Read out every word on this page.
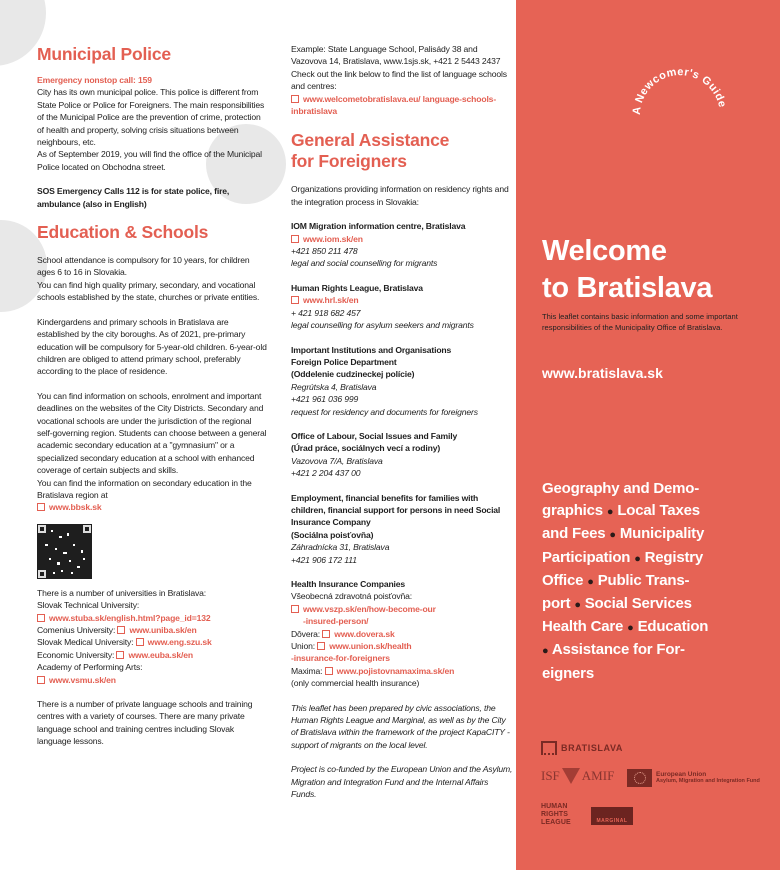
Municipal Police

Emergency nonstop call: 159

City has its own municipal police. This police is different from State Police or Police for Foreigners. The main responsibilities of the Municipal Police are the prevention of crime, protection of health and property, solving crisis situations between neighbours, etc.

As of September 2019, you will find the office of the Municipal Police located on Obchodna street.

SOS Emergency Calls 112 is for state police, fire, ambulance (also in English)

Education & Schools

School attendance is compulsory for 10 years, for children ages 6 to 16 in Slovakia.

You can find high quality primary, secondary, and vocational schools established by the state, churches or private entities.

Kindergardens and primary schools in Bratislava are established by the city boroughs. As of 2021, pre-primary education will be compulsory for 5-year-old children. 6-year-old children are obliged to attend primary school, preferably according to the place of residence.

You can find information on schools, enrolment and important deadlines on the websites of the City Districts. Secondary and vocational schools are under the jurisdiction of the regional self-governing region. Students can choose between a general academic secondary education at a "gymnasium" or a specialized secondary education at a school with enhanced coverage of certain subjects and skills.

You can find the information on secondary education in the Bratislava region at

www.bbsk.sk

There is a number of universities in Bratislava:

Slovak Technical University:

www.stuba.sk/english.html?page_id=132

Comenius University: www.uniba.sk/en

Slovak Medical University: www.eng.szu.sk

Economic University: www.euba.sk/en

Academy of Performing Arts:

www.vsmu.sk/en

There is a number of private language schools and training centres with a variety of courses. There are many private language school and training centres including Slovak language lessons.

Example: State Language School, Palisády 38 and Vazovova 14, Bratislava, www.1sjs.sk, +421 2 5443 2437

Check out the link below to find the list of language schools and centres:

www.welcometobratislava.eu/ language-schools-inbratislava

General Assistance
for Foreigners

Organizations providing information on residency rights and the integration process in Slovakia:

IOM Migration information centre, Bratislava

www.iom.sk/en

+421 850 211 478

legal and social counselling for migrants

Human Rights League, Bratislava

www.hrl.sk/en

+ 421 918 682 457

legal counselling for asylum seekers and migrants

Important Institutions and Organisations

Foreign Police Department

(Oddelenie cudzineckej polície)

Regrútska 4, Bratislava

+421 961 036 999

request for residency and documents for foreigners

Office of Labour, Social Issues and Family

(Úrad práce, sociálnych vecí a rodiny)

Vazovova 7/A, Bratislava

+421 2 204 437 00

Employment, financial benefits for families with children, financial support for persons in need Social Insurance Company

(Sociálna poisťovňa)

Záhradnícka 31, Bratislava

+421 906 172 111

Health Insurance Companies

Všeobecná zdravotná poisťovňa:

www.vszp.sk/en/how-become-our

-insured-person/

Dôvera: www.dovera.sk

Union: www.union.sk/health

-insurance-for-foreigners

Maxima: www.pojistovnamaxima.sk/en

(only commercial health insurance)

This leaflet has been prepared by civic associations, the Human Rights League and Marginal, as well as by the City of Bratislava within the framework of the project KapaCITY - support of migrants on the local level.

Project is co-funded by the European Union and the Asylum, Migration and Integration Fund and the Internal Affairs Funds.

Welcome
to Bratislava

This leaflet contains basic information and some important responsibilities of the Municipality Office of Bratislava.

www.bratislava.sk
Geography and Demo-
graphics ● Local Taxes
and Fees ● Municipality
Participation ● Registry
Office ● Public Trans-
port ● Social Services
Health Care ● Education
● Assistance for For-
eigners
A Newcomer's Guide
BRATISLAVA
ISF AMIF	European Union
Asylum, Migration and Integration Fund
HUMAN
RIGHTS
LEAGUE	MARGINAL
